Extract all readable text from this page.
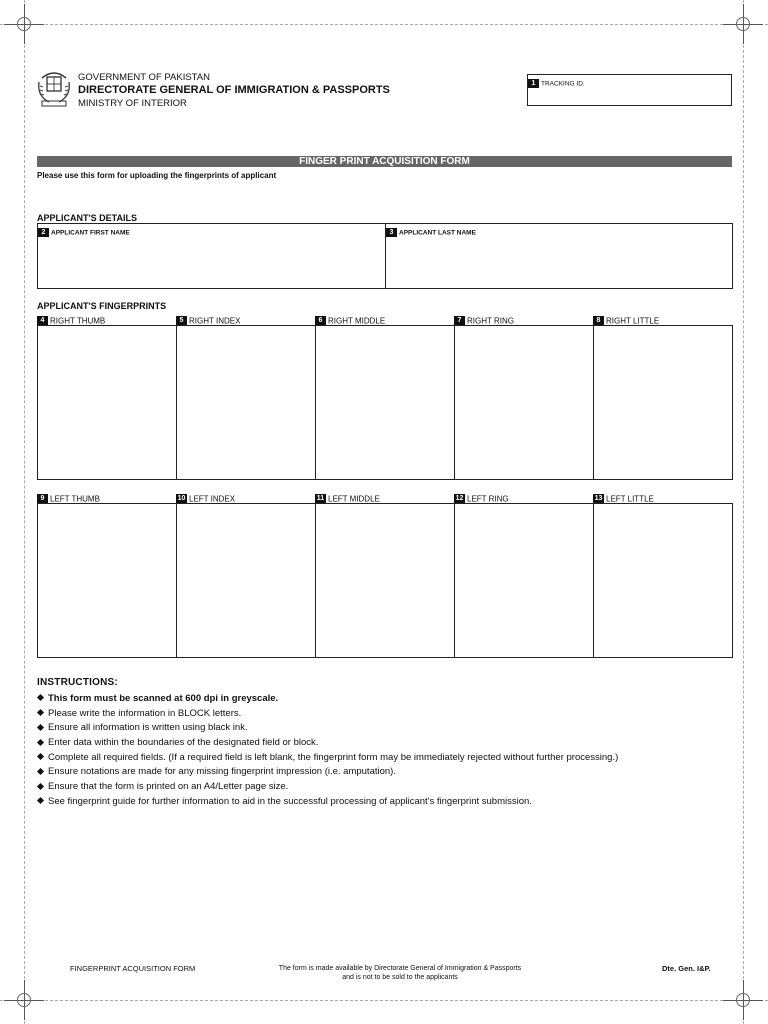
GOVERNMENT OF PAKISTAN
DIRECTORATE GENERAL OF IMMIGRATION & PASSPORTS
MINISTRY OF INTERIOR
1 TRACKING ID.
FINGER PRINT ACQUISITION FORM
Please use this form for uploading the fingerprints of applicant
APPLICANT'S DETAILS
2 APPLICANT FIRST NAME	3 APPLICANT LAST NAME
APPLICANT'S FINGERPRINTS
4 RIGHT THUMB	5 RIGHT INDEX	6 RIGHT MIDDLE	7 RIGHT RING	8 RIGHT LITTLE
9 LEFT THUMB	10 LEFT INDEX	11 LEFT MIDDLE	12 LEFT RING	13 LEFT LITTLE
INSTRUCTIONS:
This form must be scanned at 600 dpi in greyscale.
Please write the information in BLOCK letters.
Ensure all information is written using black ink.
Enter data within the boundaries of the designated field or block.
Complete all required fields. (If a required field is left blank, the fingerprint form may be immediately rejected without further processing.)
Ensure notations are made for any missing fingerprint impression (i.e. amputation).
Ensure that the form is printed on an A4/Letter page size.
See fingerprint guide for further information to aid in the successful processing of applicant's fingerprint submission.
FINGERPRINT ACQUISITION FORM	The form is made available by Directorate General of Immigration & Passports
and is not to be sold to the applicants
Dte. Gen. I&P.
